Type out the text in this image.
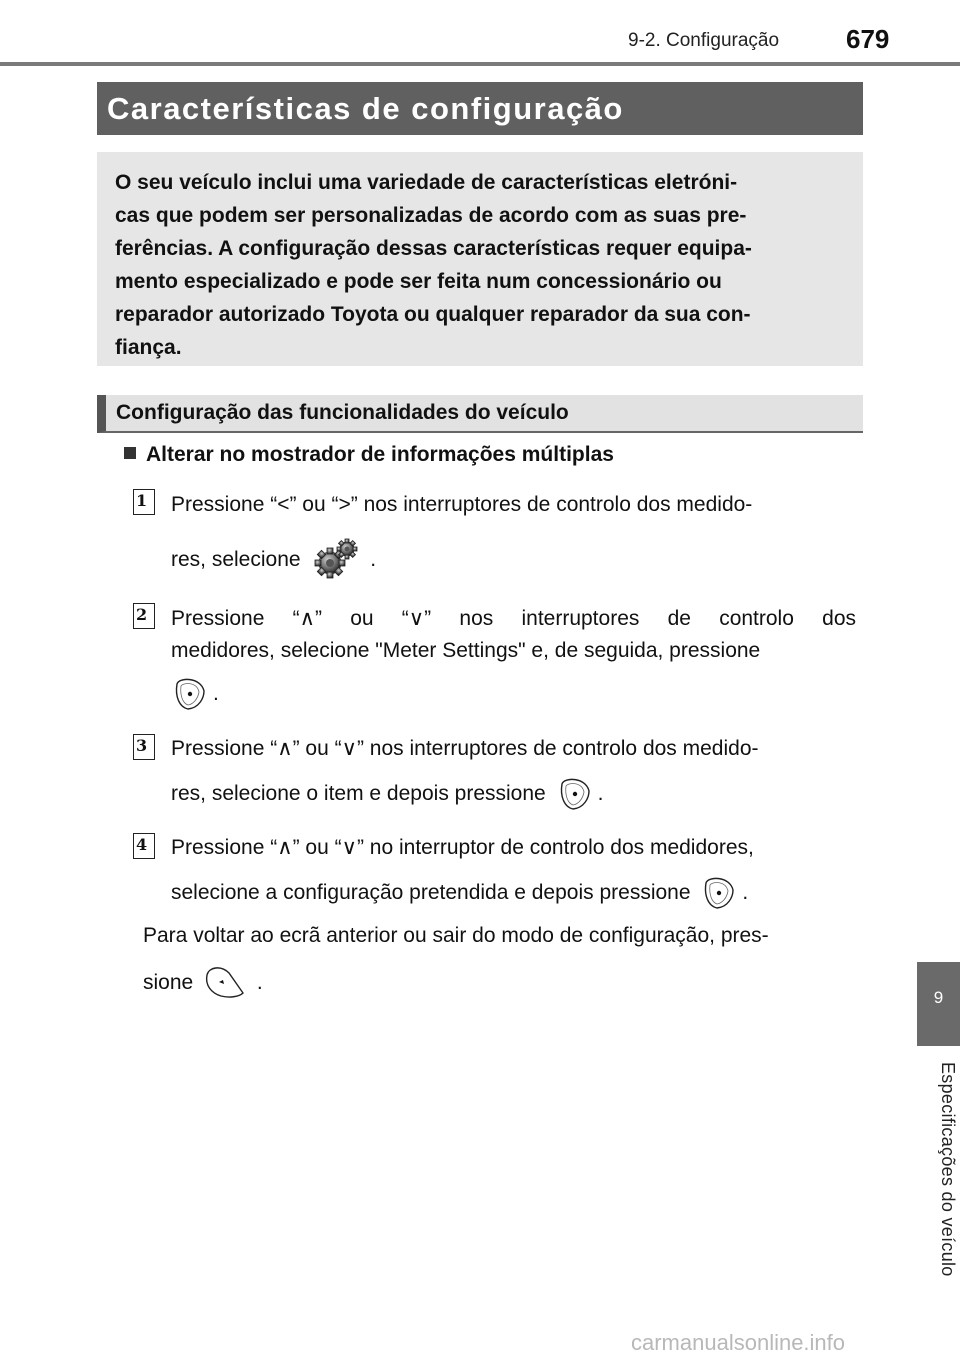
9-2. Configuração	679
Características de configuração
O seu veículo inclui uma variedade de características eletróni-
cas que podem ser personalizadas de acordo com as suas pre-
ferências. A configuração dessas características requer equipa-
mento especializado e pode ser feita num concessionário ou
reparador autorizado Toyota ou qualquer reparador da sua con-
fiança.
Configuração das funcionalidades do veículo
Alterar no mostrador de informações múltiplas
1	Pressione “<” ou “>” nos interruptores de controlo dos medido-
res, selecione	.
2	Pressione “∧” ou “∨” nos interruptores de controlo dos
medidores, selecione "Meter Settings" e, de seguida, pressione
.
3	Pressione “∧” ou “∨” nos interruptores de controlo dos medido-
res, selecione o item e depois pressione .
4	Pressione “∧” ou “∨” no interruptor de controlo dos medidores,
selecione a configuração pretendida e depois pressione .
Para voltar ao ecrã anterior ou sair do modo de configuração, pres-
sione	.
9
Especificações do veículo
carmanualsonline.info
